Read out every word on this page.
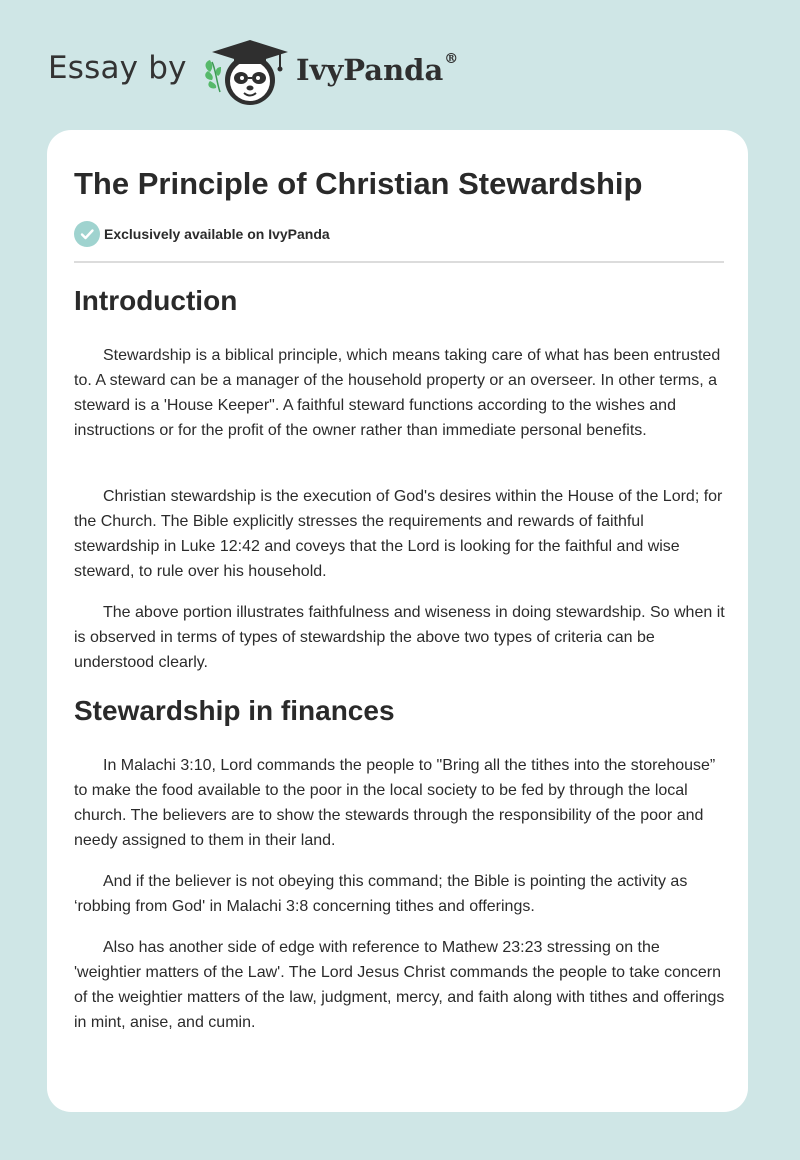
Essay by	IvyPanda®
The Principle of Christian Stewardship
Exclusively available on IvyPanda
Introduction

Stewardship is a biblical principle, which means taking care of what has been entrusted to. A steward can be a manager of the household property or an overseer. In other terms, a steward is a 'House Keeper". A faithful steward functions according to the wishes and instructions or for the profit of the owner rather than immediate personal benefits.

Christian stewardship is the execution of God's desires within the House of the Lord; for the Church. The Bible explicitly stresses the requirements and rewards of faithful stewardship in Luke 12:42 and coveys that the Lord is looking for the faithful and wise steward, to rule over his household.

The above portion illustrates faithfulness and wiseness in doing stewardship. So when it is observed in terms of types of stewardship the above two types of criteria can be understood clearly.

Stewardship in finances

In Malachi 3:10, Lord commands the people to "Bring all the tithes into the storehouse” to make the food available to the poor in the local society to be fed by through the local church. The believers are to show the stewards through the responsibility of the poor and needy assigned to them in their land.

And if the believer is not obeying this command; the Bible is pointing the activity as ‘robbing from God' in Malachi 3:8 concerning tithes and offerings.

Also has another side of edge with reference to Mathew 23:23 stressing on the 'weightier matters of the Law'. The Lord Jesus Christ commands the people to take concern of the weightier matters of the law, judgment, mercy, and faith along with tithes and offerings in mint, anise, and cumin.
